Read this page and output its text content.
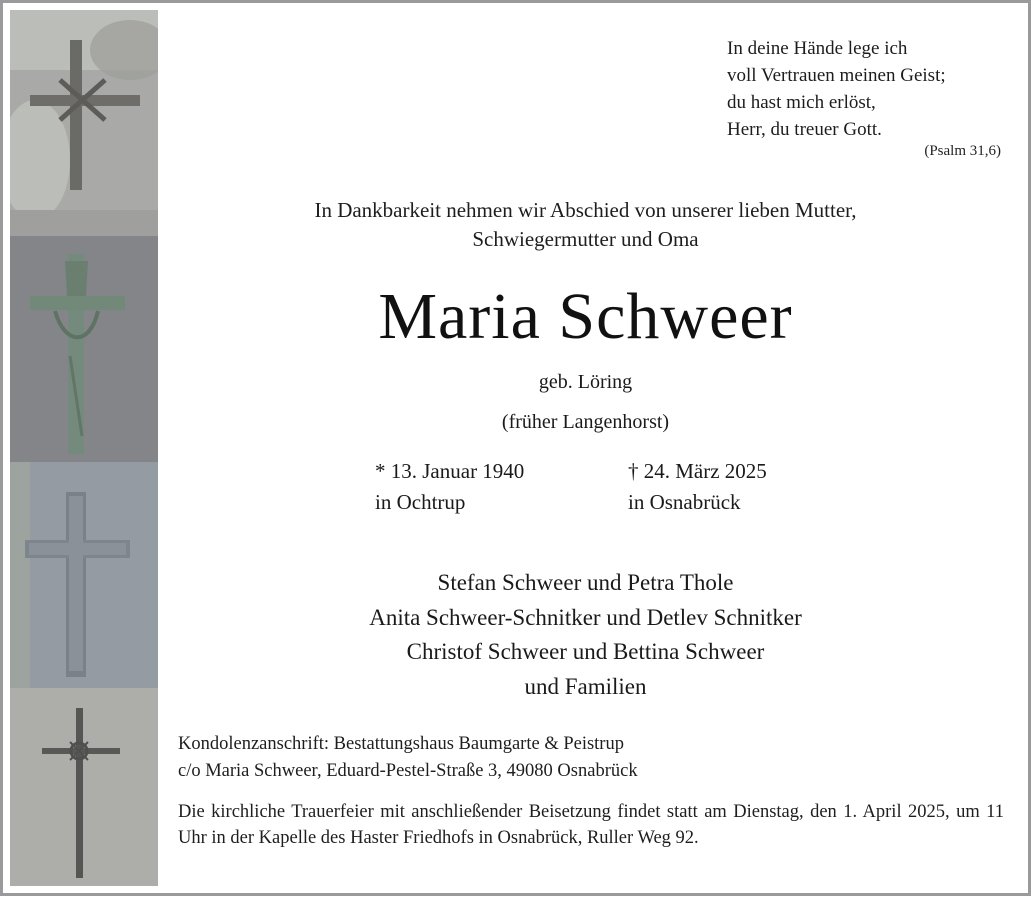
In deine Hände lege ich
voll Vertrauen meinen Geist;
du hast mich erlöst,
Herr, du treuer Gott.
(Psalm 31,6)
In Dankbarkeit nehmen wir Abschied von unserer lieben Mutter,
Schwiegermutter und Oma
Maria Schweer
geb. Löring
(früher Langenhorst)
* 13. Januar 1940
in Ochtrup
† 24. März 2025
in Osnabrück
Stefan Schweer und Petra Thole
Anita Schweer-Schnitker und Detlev Schnitker
Christof Schweer und Bettina Schweer
und Familien
Kondolenzanschrift: Bestattungshaus Baumgarte & Peistrup
c/o Maria Schweer, Eduard-Pestel-Straße 3, 49080 Osnabrück
Die kirchliche Trauerfeier mit anschließender Beisetzung findet statt am Dienstag, den 1. April 2025, um 11 Uhr in der Kapelle des Haster Friedhofs in Osnabrück, Ruller Weg 92.
